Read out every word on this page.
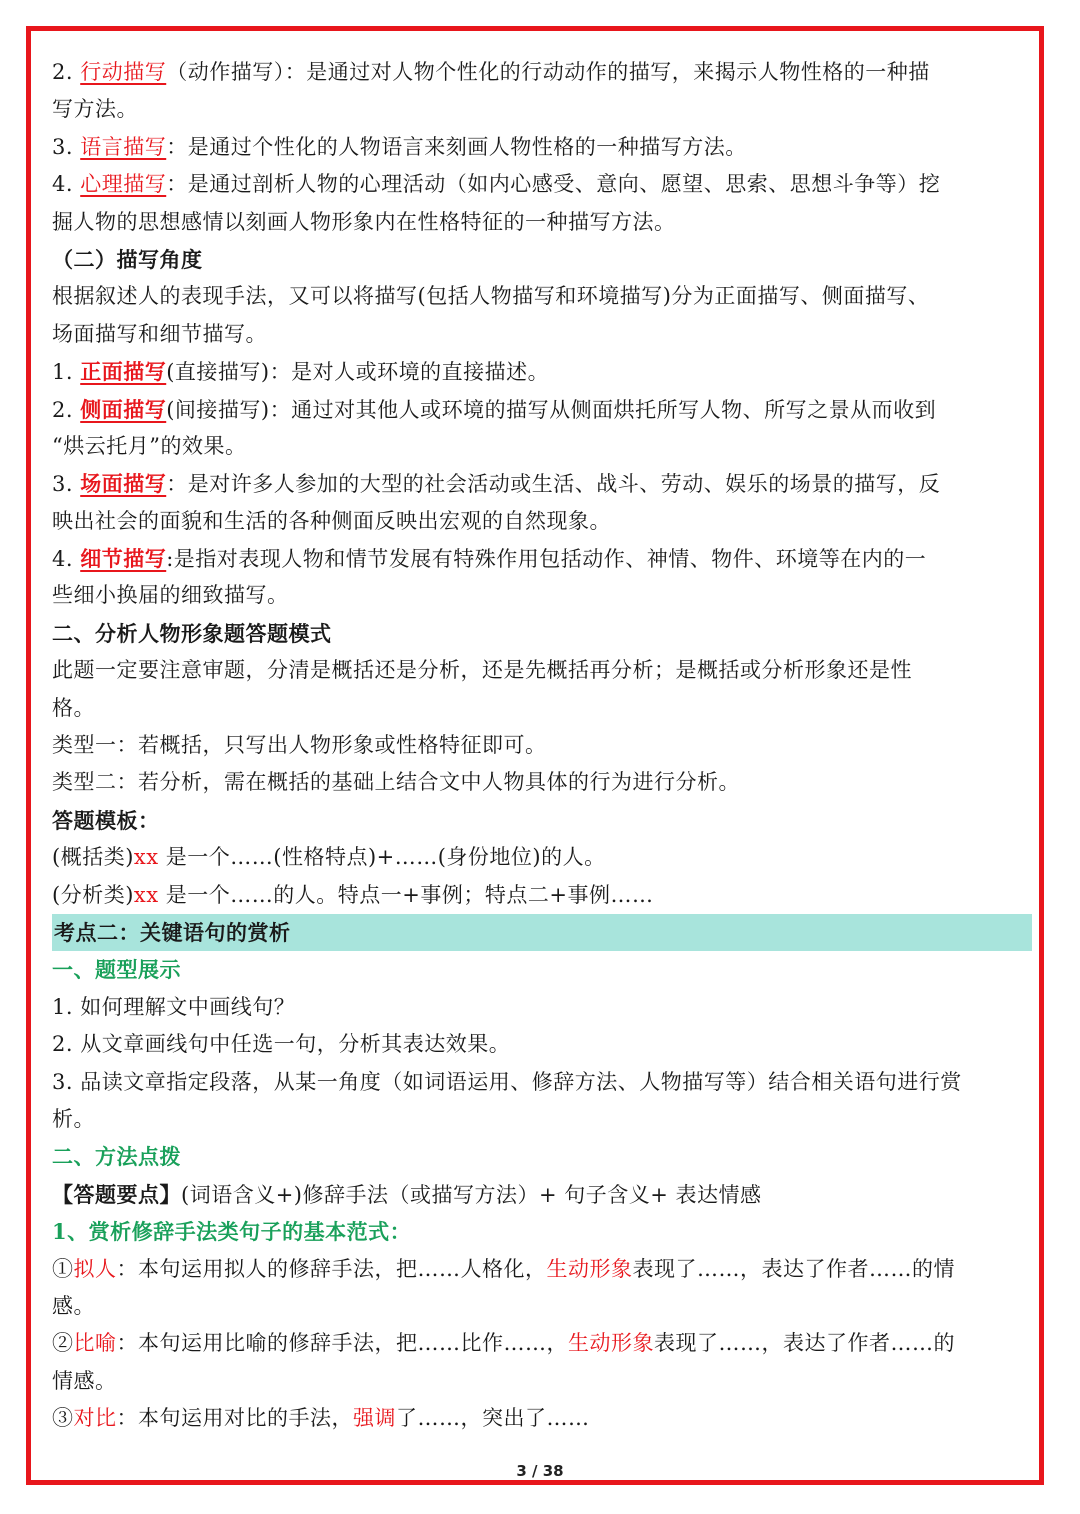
2. 行动描写（动作描写）：是通过对人物个性化的行动动作的描写，来揭示人物性格的一种描
写方法。
3. 语言描写：是通过个性化的人物语言来刻画人物性格的一种描写方法。
4. 心理描写：是通过剖析人物的心理活动（如内心感受、意向、愿望、思索、思想斗争等）挖
掘人物的思想感情以刻画人物形象内在性格特征的一种描写方法。
（二）描写角度
根据叙述人的表现手法，又可以将描写(包括人物描写和环境描写)分为正面描写、侧面描写、
场面描写和细节描写。
1. 正面描写(直接描写)：是对人或环境的直接描述。
2. 侧面描写(间接描写)：通过对其他人或环境的描写从侧面烘托所写人物、所写之景从而收到
“烘云托月”的效果。
3. 场面描写：是对许多人参加的大型的社会活动或生活、战斗、劳动、娱乐的场景的描写，反
映出社会的面貌和生活的各种侧面反映出宏观的自然现象。
4. 细节描写:是指对表现人物和情节发展有特殊作用包括动作、神情、物件、环境等在内的一
些细小换届的细致描写。
二、分析人物形象题答题模式
此题一定要注意审题，分清是概括还是分析，还是先概括再分析；是概括或分析形象还是性
格。
类型一：若概括，只写出人物形象或性格特征即可。
类型二：若分析，需在概括的基础上结合文中人物具体的行为进行分析。
答题模板：
(概括类)xx 是一个……(性格特点)+……(身份地位)的人。
(分析类)xx 是一个……的人。特点一+事例；特点二+事例……
考点二：关键语句的赏析
一、题型展示
1. 如何理解文中画线句？
2. 从文章画线句中任选一句，分析其表达效果。
3. 品读文章指定段落，从某一角度（如词语运用、修辞方法、人物描写等）结合相关语句进行赏
析。
二、方法点拨
【答题要点】(词语含义+)修辞手法（或描写方法）+ 句子含义+ 表达情感
1、赏析修辞手法类句子的基本范式：
①拟人：本句运用拟人的修辞手法，把……人格化，生动形象表现了……，表达了作者……的情
感。
②比喻：本句运用比喻的修辞手法，把……比作……，生动形象表现了……，表达了作者……的
情感。
③对比：本句运用对比的手法，强调了……，突出了……
3 / 38
